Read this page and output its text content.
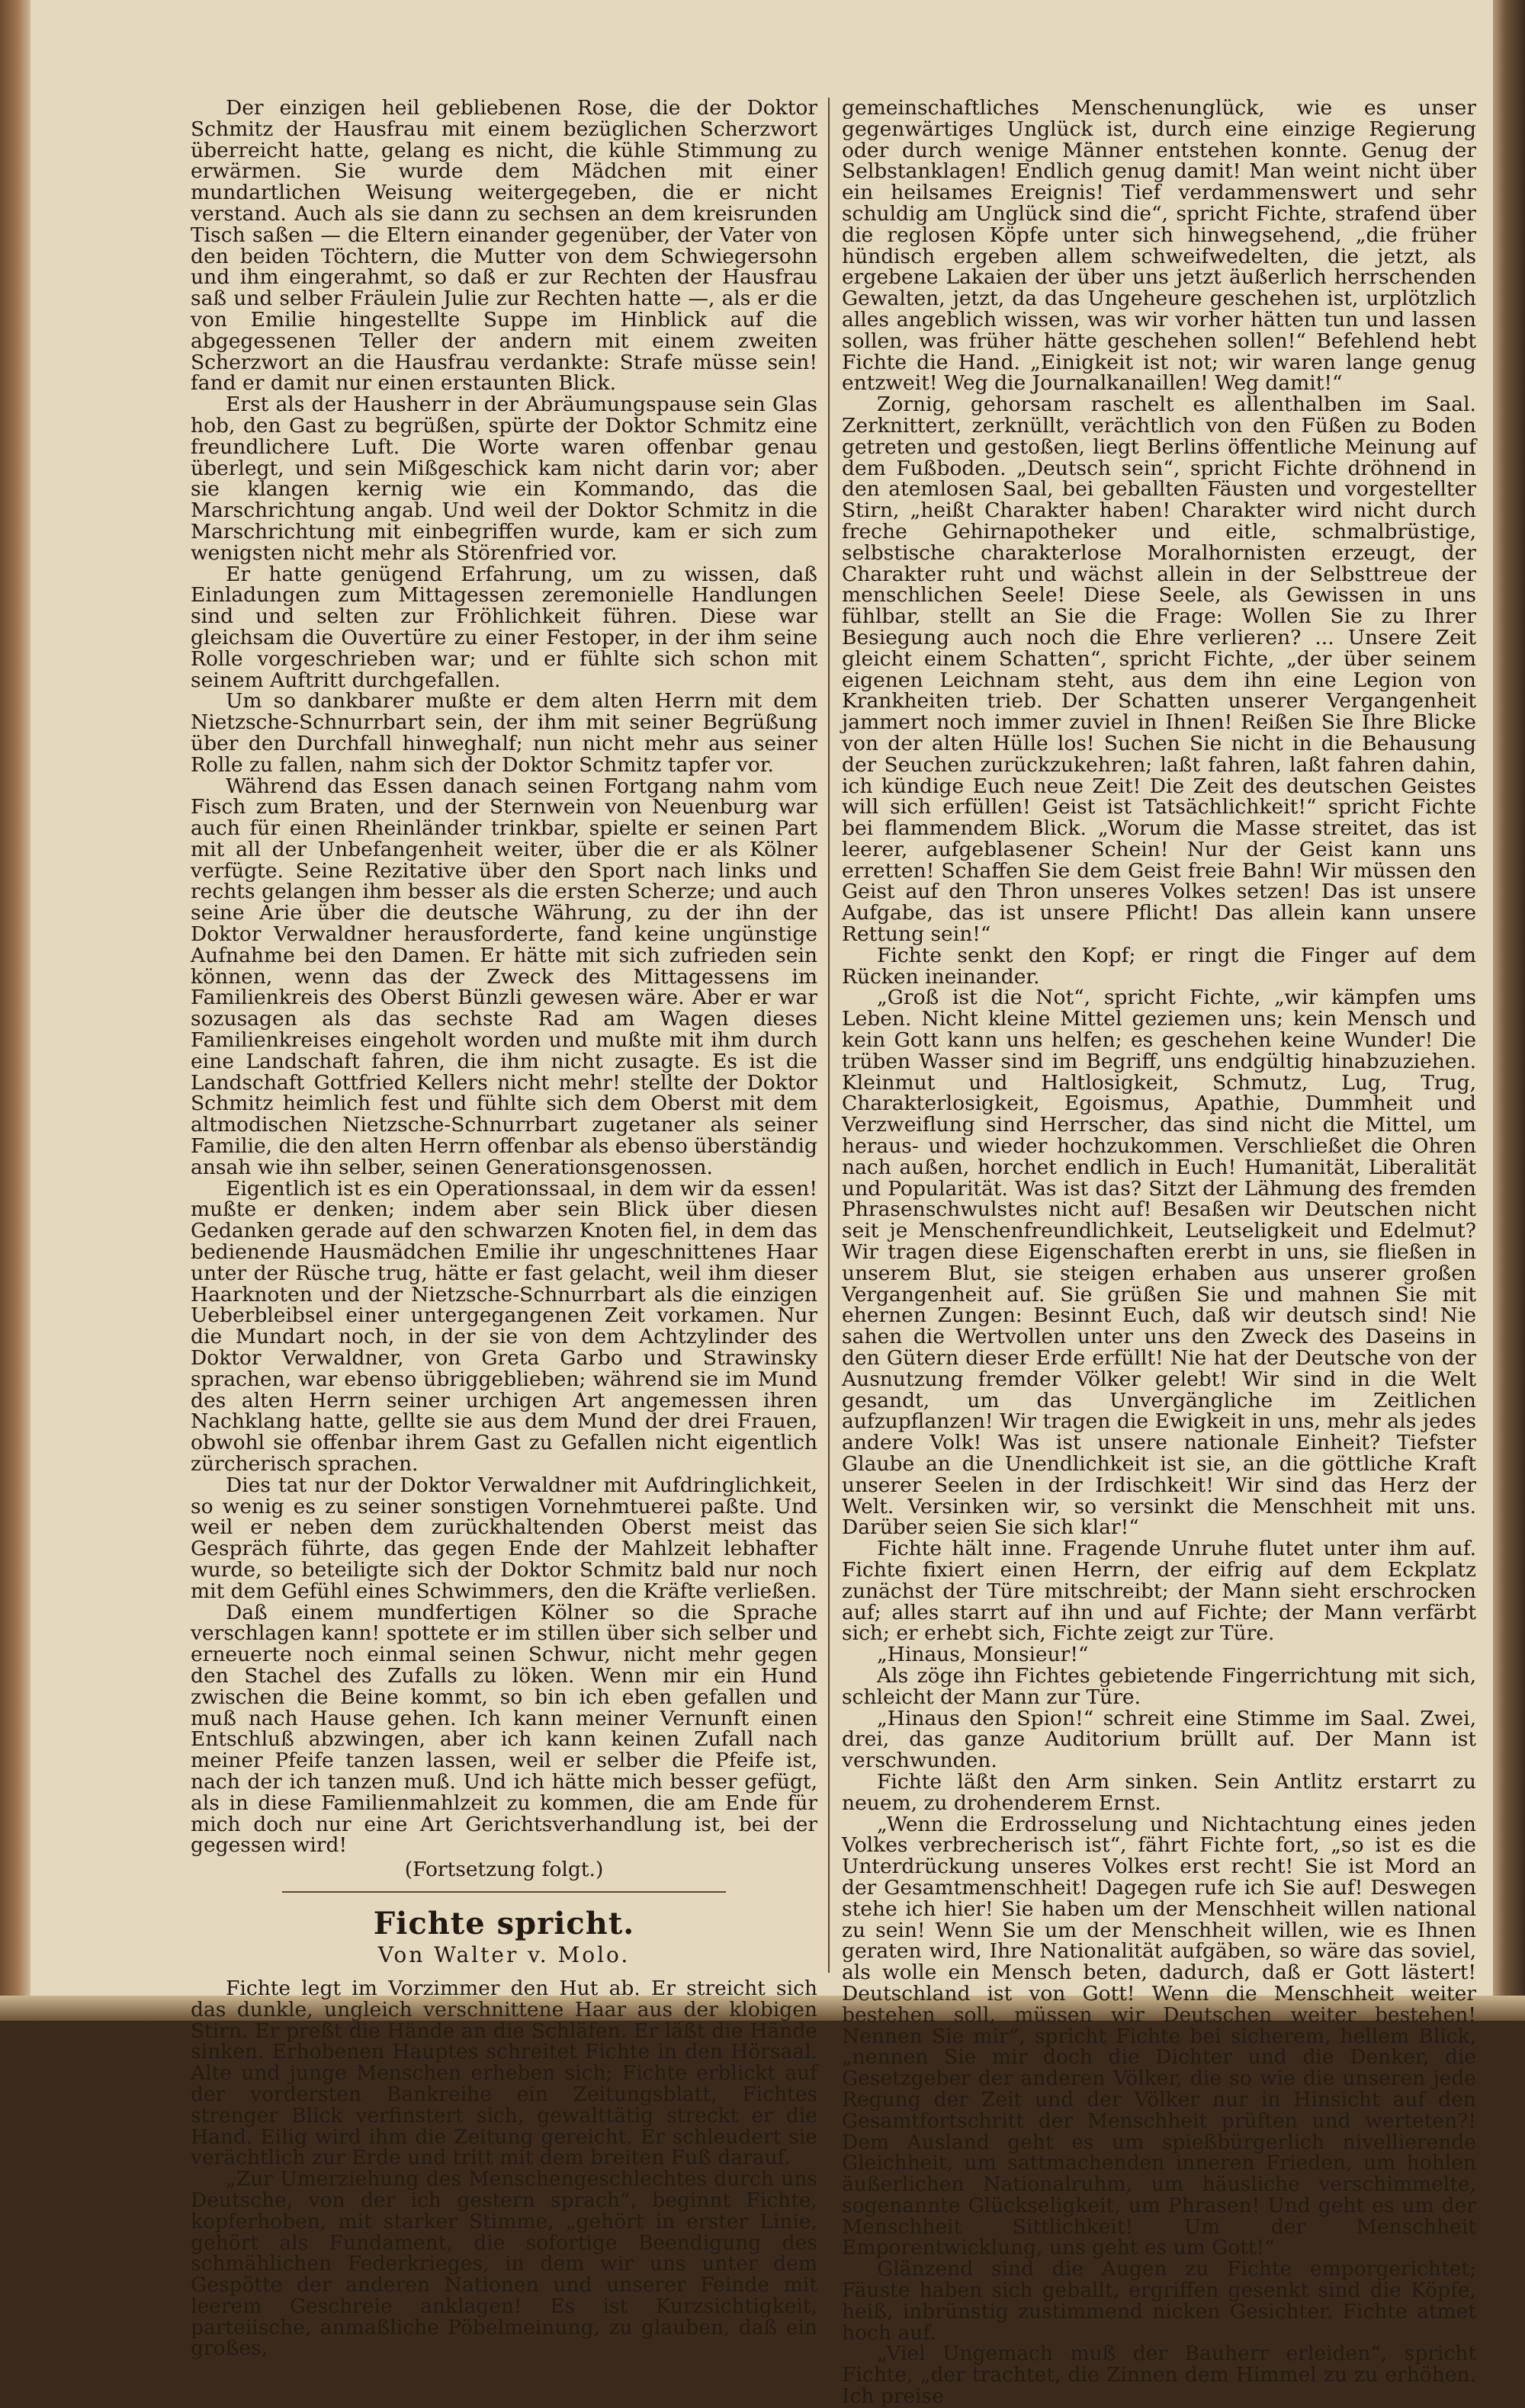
Der einzigen heil gebliebenen Rose, die der Doktor Schmitz der Hausfrau mit einem bezüglichen Scherzwort überreicht hatte, gelang es nicht, die kühle Stimmung zu erwärmen. Sie wurde dem Mädchen mit einer mundartlichen Weisung weitergegeben, die er nicht verstand. Auch als sie dann zu sechsen an dem kreisrunden Tisch saßen — die Eltern einander gegenüber, der Vater von den beiden Töchtern, die Mutter von dem Schwiegersohn und ihm eingerahmt, so daß er zur Rechten der Hausfrau saß und selber Fräulein Julie zur Rechten hatte —, als er die von Emilie hingestellte Suppe im Hinblick auf die abgegessenen Teller der andern mit einem zweiten Scherzwort an die Hausfrau verdankte: Strafe müsse sein! fand er damit nur einen erstaunten Blick.

Erst als der Hausherr in der Abräumungspause sein Glas hob, den Gast zu begrüßen, spürte der Doktor Schmitz eine freundlichere Luft. Die Worte waren offenbar genau überlegt, und sein Mißgeschick kam nicht darin vor; aber sie klangen kernig wie ein Kommando, das die Marschrichtung angab. Und weil der Doktor Schmitz in die Marschrichtung mit einbegriffen wurde, kam er sich zum wenigsten nicht mehr als Störenfried vor.

Er hatte genügend Erfahrung, um zu wissen, daß Einladungen zum Mittagessen zeremonielle Handlungen sind und selten zur Fröhlichkeit führen. Diese war gleichsam die Ouvertüre zu einer Festoper, in der ihm seine Rolle vorgeschrieben war; und er fühlte sich schon mit seinem Auftritt durchgefallen.

Um so dankbarer mußte er dem alten Herrn mit dem Nietzsche-Schnurrbart sein, der ihm mit seiner Begrüßung über den Durchfall hinweghalf; nun nicht mehr aus seiner Rolle zu fallen, nahm sich der Doktor Schmitz tapfer vor.

Während das Essen danach seinen Fortgang nahm vom Fisch zum Braten, und der Sternwein von Neuenburg war auch für einen Rheinländer trinkbar, spielte er seinen Part mit all der Unbefangenheit weiter, über die er als Kölner verfügte. Seine Rezitative über den Sport nach links und rechts gelangen ihm besser als die ersten Scherze; und auch seine Arie über die deutsche Währung, zu der ihn der Doktor Verwaldner herausforderte, fand keine ungünstige Aufnahme bei den Damen. Er hätte mit sich zufrieden sein können, wenn das der Zweck des Mittagessens im Familienkreis des Oberst Bünzli gewesen wäre. Aber er war sozusagen als das sechste Rad am Wagen dieses Familienkreises eingeholt worden und mußte mit ihm durch eine Landschaft fahren, die ihm nicht zusagte. Es ist die Landschaft Gottfried Kellers nicht mehr! stellte der Doktor Schmitz heimlich fest und fühlte sich dem Oberst mit dem altmodischen Nietzsche-Schnurrbart zugetaner als seiner Familie, die den alten Herrn offenbar als ebenso überständig ansah wie ihn selber, seinen Generationsgenossen.

Eigentlich ist es ein Operationssaal, in dem wir da essen! mußte er denken; indem aber sein Blick über diesen Gedanken gerade auf den schwarzen Knoten fiel, in dem das bedienende Hausmädchen Emilie ihr ungeschnittenes Haar unter der Rüsche trug, hätte er fast gelacht, weil ihm dieser Haarknoten und der Nietzsche-Schnurrbart als die einzigen Ueberbleibsel einer untergegangenen Zeit vorkamen. Nur die Mundart noch, in der sie von dem Achtzylinder des Doktor Verwaldner, von Greta Garbo und Strawinsky sprachen, war ebenso übriggeblieben; während sie im Mund des alten Herrn seiner urchigen Art angemessen ihren Nachklang hatte, gellte sie aus dem Mund der drei Frauen, obwohl sie offenbar ihrem Gast zu Gefallen nicht eigentlich zürcherisch sprachen.

Dies tat nur der Doktor Verwaldner mit Aufdringlichkeit, so wenig es zu seiner sonstigen Vornehmtuerei paßte. Und weil er neben dem zurückhaltenden Oberst meist das Gespräch führte, das gegen Ende der Mahlzeit lebhafter wurde, so beteiligte sich der Doktor Schmitz bald nur noch mit dem Gefühl eines Schwimmers, den die Kräfte verließen.

Daß einem mundfertigen Kölner so die Sprache verschlagen kann! spottete er im stillen über sich selber und erneuerte noch einmal seinen Schwur, nicht mehr gegen den Stachel des Zufalls zu löken. Wenn mir ein Hund zwischen die Beine kommt, so bin ich eben gefallen und muß nach Hause gehen. Ich kann meiner Vernunft einen Entschluß abzwingen, aber ich kann keinen Zufall nach meiner Pfeife tanzen lassen, weil er selber die Pfeife ist, nach der ich tanzen muß. Und ich hätte mich besser gefügt, als in diese Familienmahlzeit zu kommen, die am Ende für mich doch nur eine Art Gerichtsverhandlung ist, bei der gegessen wird!

(Fortsetzung folgt.)

Fichte spricht.

Von Walter v. Molo.

Fichte legt im Vorzimmer den Hut ab. Er streicht sich das dunkle, ungleich verschnittene Haar aus der klobigen Stirn. Er preßt die Hände an die Schläfen. Er läßt die Hände sinken. Erhobenen Hauptes schreitet Fichte in den Hörsaal. Alte und junge Menschen erheben sich; Fichte erblickt auf der vordersten Bankreihe ein Zeitungsblatt, Fichtes strenger Blick verfinstert sich, gewalttätig streckt er die Hand. Eilig wird ihm die Zeitung gereicht. Er schleudert sie verächtlich zur Erde und tritt mit dem breiten Fuß darauf.

„Zur Umerziehung des Menschengeschlechtes durch uns Deutsche, von der ich gestern sprach“, beginnt Fichte, kopferhoben, mit starker Stimme, „gehört in erster Linie, gehört als Fundament, die sofortige Beendigung des schmählichen Federkrieges, in dem wir uns unter dem Gespötte der anderen Nationen und unserer Feinde mit leerem Geschreie anklagen! Es ist Kurzsichtigkeit, parteiische, anmaßliche Pöbelmeinung, zu glauben, daß ein großes,

gemeinschaftliches Menschenunglück, wie es unser gegenwärtiges Unglück ist, durch eine einzige Regierung oder durch wenige Männer entstehen konnte. Genug der Selbstanklagen! Endlich genug damit! Man weint nicht über ein heilsames Ereignis! Tief verdammenswert und sehr schuldig am Unglück sind die“, spricht Fichte, strafend über die reglosen Köpfe unter sich hinwegsehend, „die früher hündisch ergeben allem schweifwedelten, die jetzt, als ergebene Lakaien der über uns jetzt äußerlich herrschenden Gewalten, jetzt, da das Ungeheure geschehen ist, urplötzlich alles angeblich wissen, was wir vorher hätten tun und lassen sollen, was früher hätte geschehen sollen!“ Befehlend hebt Fichte die Hand. „Einigkeit ist not; wir waren lange genug entzweit! Weg die Journalkanaillen! Weg damit!“

Zornig, gehorsam raschelt es allenthalben im Saal. Zerknittert, zerknüllt, verächtlich von den Füßen zu Boden getreten und gestoßen, liegt Berlins öffentliche Meinung auf dem Fußboden. „Deutsch sein“, spricht Fichte dröhnend in den atemlosen Saal, bei geballten Fäusten und vorgestellter Stirn, „heißt Charakter haben! Charakter wird nicht durch freche Gehirnapotheker und eitle, schmalbrüstige, selbstische charakterlose Moralhornisten erzeugt, der Charakter ruht und wächst allein in der Selbsttreue der menschlichen Seele! Diese Seele, als Gewissen in uns fühlbar, stellt an Sie die Frage: Wollen Sie zu Ihrer Besiegung auch noch die Ehre verlieren? ... Unsere Zeit gleicht einem Schatten“, spricht Fichte, „der über seinem eigenen Leichnam steht, aus dem ihn eine Legion von Krankheiten trieb. Der Schatten unserer Vergangenheit jammert noch immer zuviel in Ihnen! Reißen Sie Ihre Blicke von der alten Hülle los! Suchen Sie nicht in die Behausung der Seuchen zurückzukehren; laßt fahren, laßt fahren dahin, ich kündige Euch neue Zeit! Die Zeit des deutschen Geistes will sich erfüllen! Geist ist Tatsächlichkeit!“ spricht Fichte bei flammendem Blick. „Worum die Masse streitet, das ist leerer, aufgeblasener Schein! Nur der Geist kann uns erretten! Schaffen Sie dem Geist freie Bahn! Wir müssen den Geist auf den Thron unseres Volkes setzen! Das ist unsere Aufgabe, das ist unsere Pflicht! Das allein kann unsere Rettung sein!“

Fichte senkt den Kopf; er ringt die Finger auf dem Rücken ineinander.

„Groß ist die Not“, spricht Fichte, „wir kämpfen ums Leben. Nicht kleine Mittel geziemen uns; kein Mensch und kein Gott kann uns helfen; es geschehen keine Wunder! Die trüben Wasser sind im Begriff, uns endgültig hinabzuziehen. Kleinmut und Haltlosigkeit, Schmutz, Lug, Trug, Charakterlosigkeit, Egoismus, Apathie, Dummheit und Verzweiflung sind Herrscher, das sind nicht die Mittel, um heraus- und wieder hochzukommen. Verschließet die Ohren nach außen, horchet endlich in Euch! Humanität, Liberalität und Popularität. Was ist das? Sitzt der Lähmung des fremden Phrasenschwulstes nicht auf! Besaßen wir Deutschen nicht seit je Menschenfreundlichkeit, Leutseligkeit und Edelmut? Wir tragen diese Eigenschaften ererbt in uns, sie fließen in unserem Blut, sie steigen erhaben aus unserer großen Vergangenheit auf. Sie grüßen Sie und mahnen Sie mit ehernen Zungen: Besinnt Euch, daß wir deutsch sind! Nie sahen die Wertvollen unter uns den Zweck des Daseins in den Gütern dieser Erde erfüllt! Nie hat der Deutsche von der Ausnutzung fremder Völker gelebt! Wir sind in die Welt gesandt, um das Unvergängliche im Zeitlichen aufzupflanzen! Wir tragen die Ewigkeit in uns, mehr als jedes andere Volk! Was ist unsere nationale Einheit? Tiefster Glaube an die Unendlichkeit ist sie, an die göttliche Kraft unserer Seelen in der Irdischkeit! Wir sind das Herz der Welt. Versinken wir, so versinkt die Menschheit mit uns. Darüber seien Sie sich klar!“

Fichte hält inne. Fragende Unruhe flutet unter ihm auf. Fichte fixiert einen Herrn, der eifrig auf dem Eckplatz zunächst der Türe mitschreibt; der Mann sieht erschrocken auf; alles starrt auf ihn und auf Fichte; der Mann verfärbt sich; er erhebt sich, Fichte zeigt zur Türe.

„Hinaus, Monsieur!“

Als zöge ihn Fichtes gebietende Fingerrichtung mit sich, schleicht der Mann zur Türe.

„Hinaus den Spion!“ schreit eine Stimme im Saal. Zwei, drei, das ganze Auditorium brüllt auf. Der Mann ist verschwunden.

Fichte läßt den Arm sinken. Sein Antlitz erstarrt zu neuem, zu drohenderem Ernst.

„Wenn die Erdrosselung und Nichtachtung eines jeden Volkes verbrecherisch ist“, fährt Fichte fort, „so ist es die Unterdrückung unseres Volkes erst recht! Sie ist Mord an der Gesamtmenschheit! Dagegen rufe ich Sie auf! Deswegen stehe ich hier! Sie haben um der Menschheit willen national zu sein! Wenn Sie um der Menschheit willen, wie es Ihnen geraten wird, Ihre Nationalität aufgäben, so wäre das soviel, als wolle ein Mensch beten, dadurch, daß er Gott lästert! Deutschland ist von Gott! Wenn die Menschheit weiter bestehen soll, müssen wir Deutschen weiter bestehen! Nennen Sie mir“, spricht Fichte bei sicherem, hellem Blick, „nennen Sie mir doch die Dichter und die Denker, die Gesetzgeber der anderen Völker, die so wie die unseren jede Regung der Zeit und der Völker nur in Hinsicht auf den Gesamtfortschritt der Menschheit prüften und werteten?! Dem Ausland geht es um spießbürgerlich nivellierende Gleichheit, um sattmachenden inneren Frieden, um hohlen äußerlichen Nationalruhm, um häusliche verschimmelte, sogenannte Glückseligkeit, um Phrasen! Und geht es um der Menschheit Sittlichkeit! Um der Menschheit Emporentwicklung, uns geht es um Gott!“

Glänzend sind die Augen zu Fichte emporgerichtet; Fäuste haben sich geballt, ergriffen gesenkt sind die Köpfe, heiß, inbrünstig zustimmend nicken Gesichter. Fichte atmet hoch auf.

„Viel Ungemach muß der Bauherr erleiden“, spricht Fichte, „der trachtet, die Zinnen dem Himmel zu zu erhöhen. Ich preise
